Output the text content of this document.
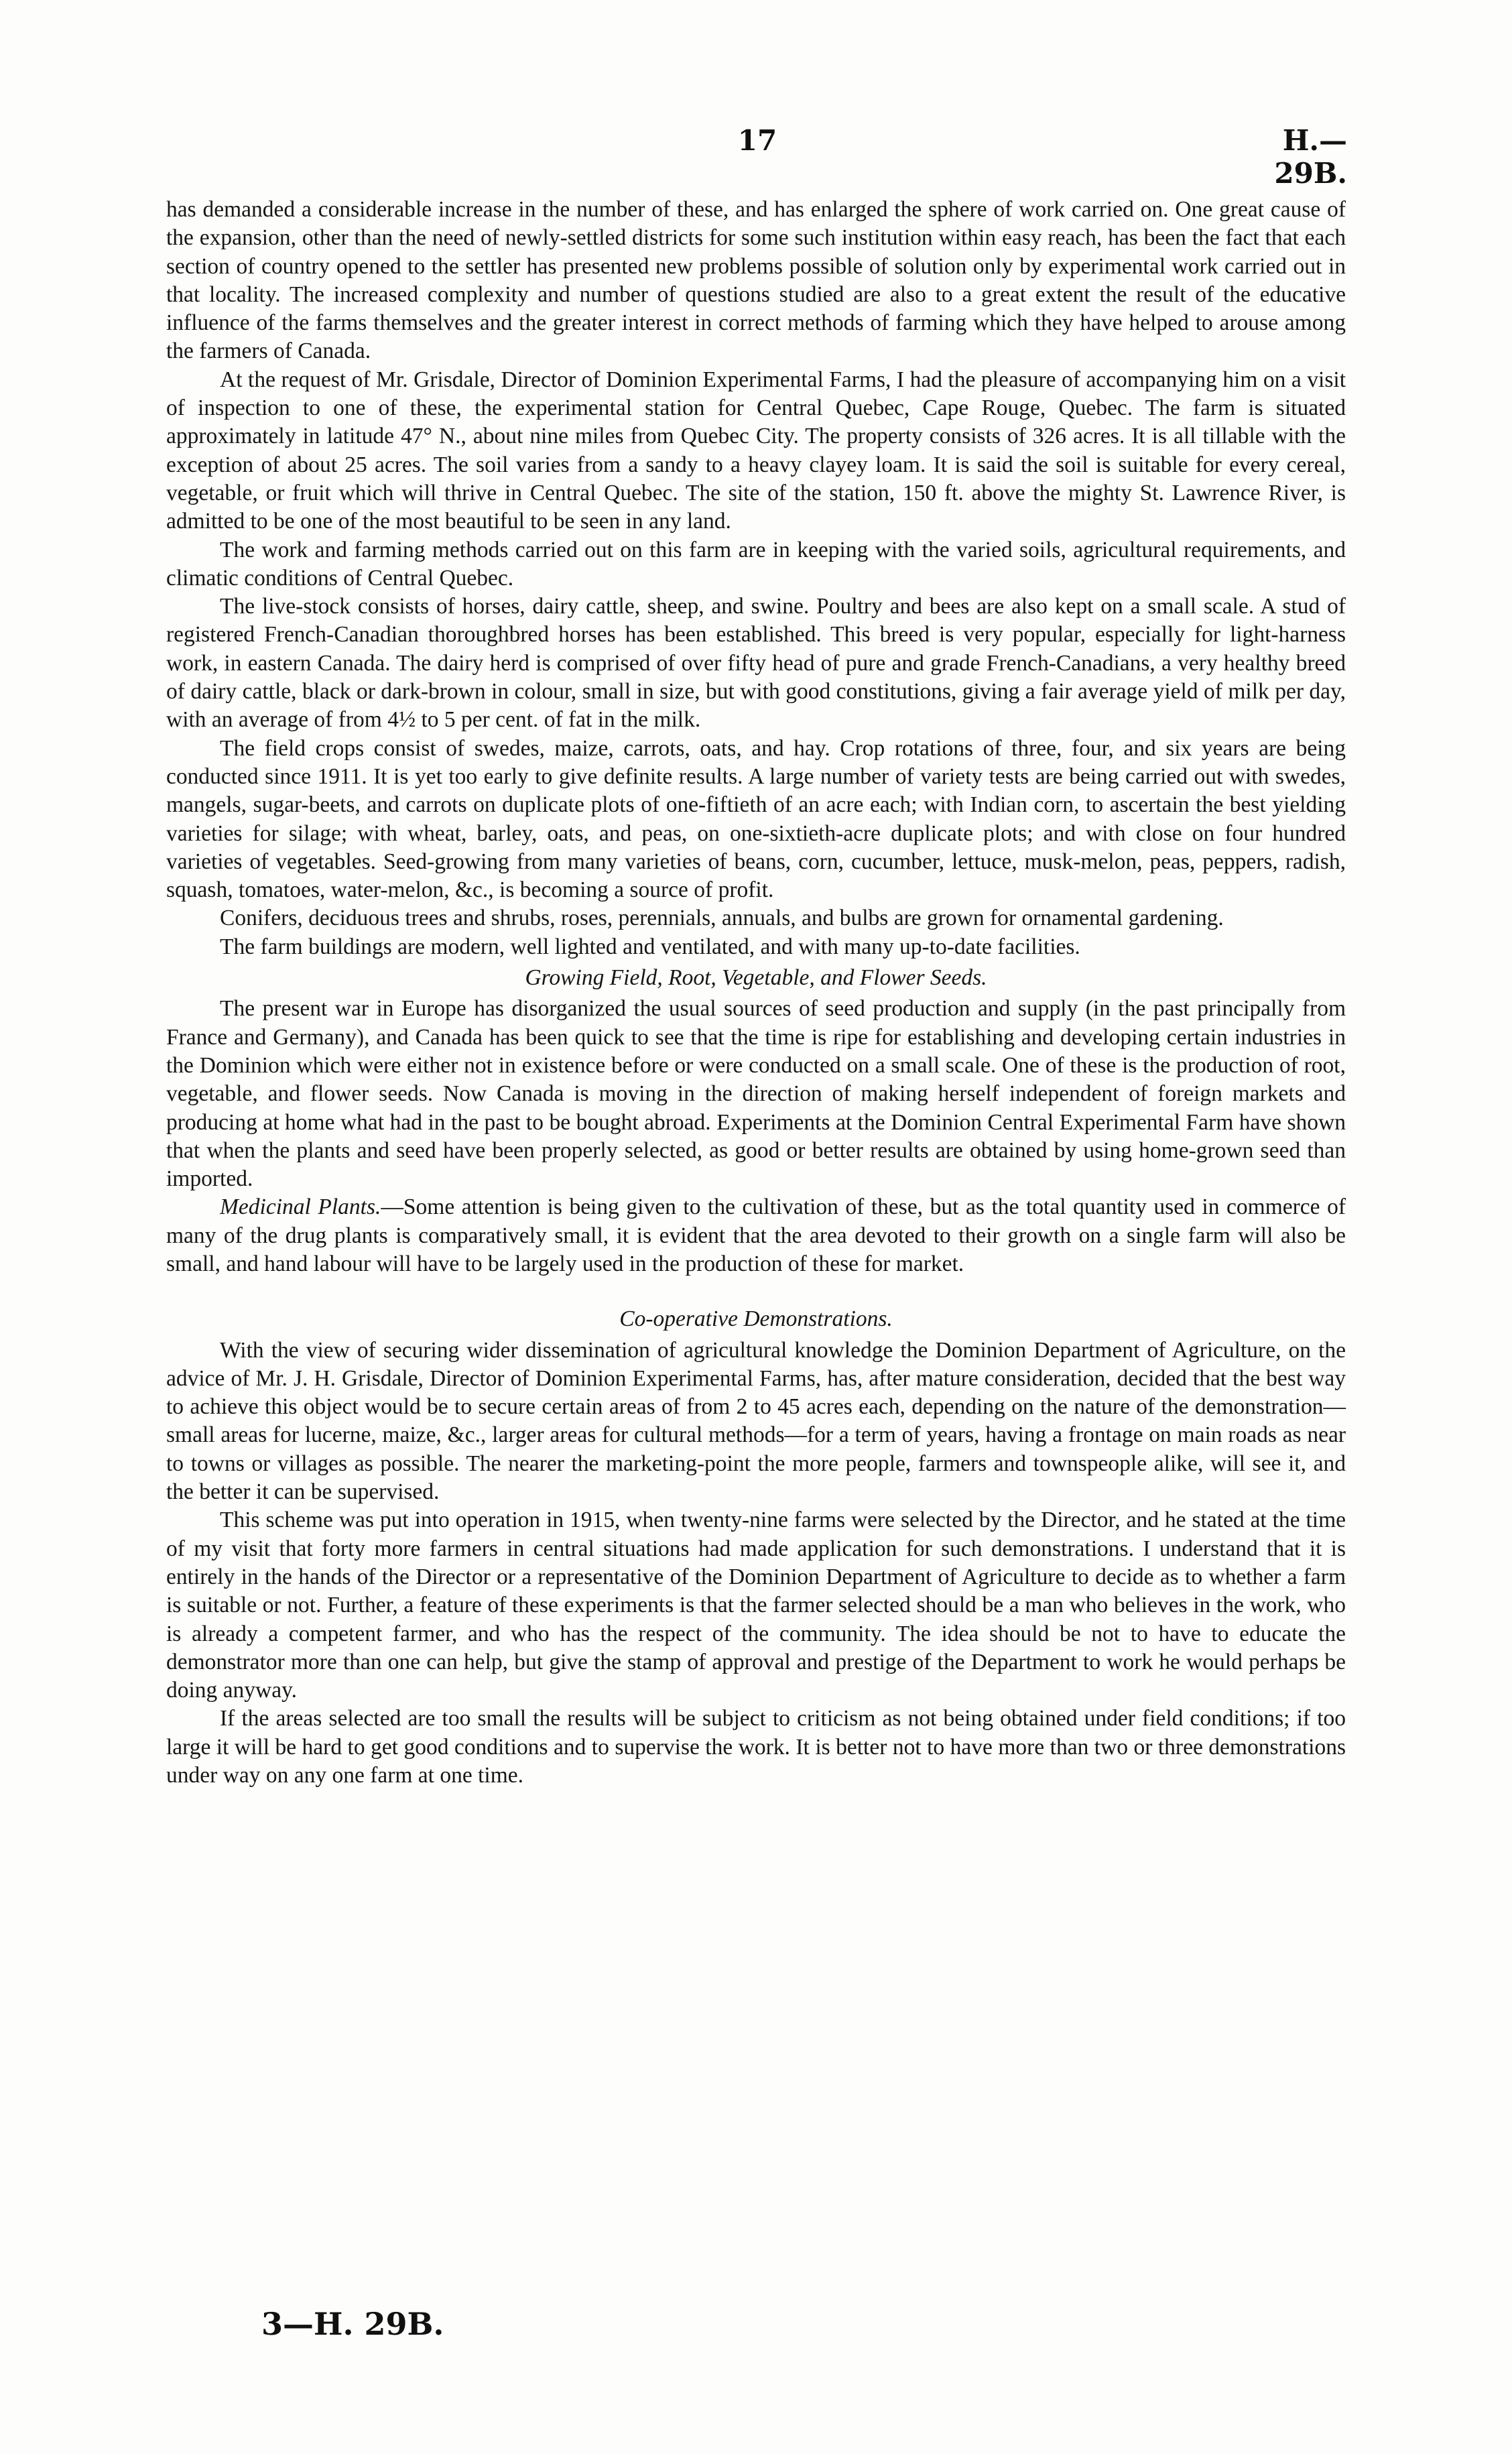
17	H.—29B.

has demanded a considerable increase in the number of these, and has enlarged the sphere of work carried on. One great cause of the expansion, other than the need of newly-settled districts for some such institution within easy reach, has been the fact that each section of country opened to the settler has presented new problems possible of solution only by experimental work carried out in that locality. The increased complexity and number of questions studied are also to a great extent the result of the educative influence of the farms themselves and the greater interest in correct methods of farming which they have helped to arouse among the farmers of Canada.

At the request of Mr. Grisdale, Director of Dominion Experimental Farms, I had the pleasure of accompanying him on a visit of inspection to one of these, the experimental station for Central Quebec, Cape Rouge, Quebec. The farm is situated approximately in latitude 47° N., about nine miles from Quebec City. The property consists of 326 acres. It is all tillable with the exception of about 25 acres. The soil varies from a sandy to a heavy clayey loam. It is said the soil is suitable for every cereal, vegetable, or fruit which will thrive in Central Quebec. The site of the station, 150 ft. above the mighty St. Lawrence River, is admitted to be one of the most beautiful to be seen in any land.

The work and farming methods carried out on this farm are in keeping with the varied soils, agricultural requirements, and climatic conditions of Central Quebec.

The live-stock consists of horses, dairy cattle, sheep, and swine. Poultry and bees are also kept on a small scale. A stud of registered French-Canadian thoroughbred horses has been established. This breed is very popular, especially for light-harness work, in eastern Canada. The dairy herd is comprised of over fifty head of pure and grade French-Canadians, a very healthy breed of dairy cattle, black or dark-brown in colour, small in size, but with good constitutions, giving a fair average yield of milk per day, with an average of from 4½ to 5 per cent. of fat in the milk.

The field crops consist of swedes, maize, carrots, oats, and hay. Crop rotations of three, four, and six years are being conducted since 1911. It is yet too early to give definite results. A large number of variety tests are being carried out with swedes, mangels, sugar-beets, and carrots on duplicate plots of one-fiftieth of an acre each; with Indian corn, to ascertain the best yielding varieties for silage; with wheat, barley, oats, and peas, on one-sixtieth-acre duplicate plots; and with close on four hundred varieties of vegetables. Seed-growing from many varieties of beans, corn, cucumber, lettuce, musk-melon, peas, peppers, radish, squash, tomatoes, water-melon, &c., is becoming a source of profit.

Conifers, deciduous trees and shrubs, roses, perennials, annuals, and bulbs are grown for ornamental gardening.

The farm buildings are modern, well lighted and ventilated, and with many up-to-date facilities.

Growing Field, Root, Vegetable, and Flower Seeds.

The present war in Europe has disorganized the usual sources of seed production and supply (in the past principally from France and Germany), and Canada has been quick to see that the time is ripe for establishing and developing certain industries in the Dominion which were either not in existence before or were conducted on a small scale. One of these is the production of root, vegetable, and flower seeds. Now Canada is moving in the direction of making herself independent of foreign markets and producing at home what had in the past to be bought abroad. Experiments at the Dominion Central Experimental Farm have shown that when the plants and seed have been properly selected, as good or better results are obtained by using home-grown seed than imported.

Medicinal Plants.—Some attention is being given to the cultivation of these, but as the total quantity used in commerce of many of the drug plants is comparatively small, it is evident that the area devoted to their growth on a single farm will also be small, and hand labour will have to be largely used in the production of these for market.

Co-operative Demonstrations.

With the view of securing wider dissemination of agricultural knowledge the Dominion Department of Agriculture, on the advice of Mr. J. H. Grisdale, Director of Dominion Experimental Farms, has, after mature consideration, decided that the best way to achieve this object would be to secure certain areas of from 2 to 45 acres each, depending on the nature of the demonstration—small areas for lucerne, maize, &c., larger areas for cultural methods—for a term of years, having a frontage on main roads as near to towns or villages as possible. The nearer the marketing-point the more people, farmers and townspeople alike, will see it, and the better it can be supervised.

This scheme was put into operation in 1915, when twenty-nine farms were selected by the Director, and he stated at the time of my visit that forty more farmers in central situations had made application for such demonstrations. I understand that it is entirely in the hands of the Director or a representative of the Dominion Department of Agriculture to decide as to whether a farm is suitable or not. Further, a feature of these experiments is that the farmer selected should be a man who believes in the work, who is already a competent farmer, and who has the respect of the community. The idea should be not to have to educate the demonstrator more than one can help, but give the stamp of approval and prestige of the Department to work he would perhaps be doing anyway.

If the areas selected are too small the results will be subject to criticism as not being obtained under field conditions; if too large it will be hard to get good conditions and to supervise the work. It is better not to have more than two or three demonstrations under way on any one farm at one time.

3—H. 29B.
